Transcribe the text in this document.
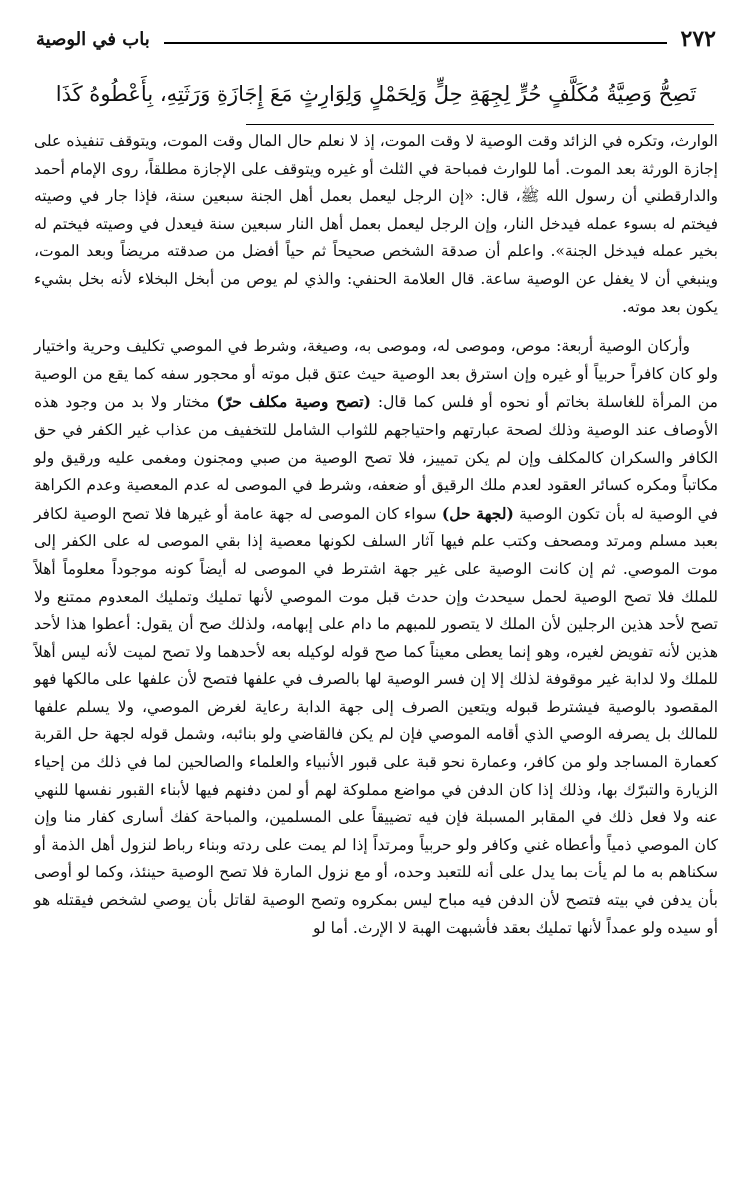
٢٧٢
باب في الوصية
تَصِحُّ وَصِيَّةُ مُكَلَّفٍ حُرٍّ لِجِهَةِ حِلٍّ وَلِحَمْلٍ وَلِوَارِثٍ مَعَ إِجَازَةِ وَرَثَتِهِ، بِأَعْطُوهُ كَذَا

الوارث، وتكره في الزائد وقت الوصية لا وقت الموت، إذ لا نعلم حال المال وقت الموت، ويتوقف تنفيذه على إجازة الورثة بعد الموت. أما للوارث فمباحة في الثلث أو غيره ويتوقف على الإجازة مطلقاً، روى الإمام أحمد والدارقطني أن رسول الله ﷺ، قال: «إن الرجل ليعمل بعمل أهل الجنة سبعين سنة، فإذا جار في وصيته فيختم له بسوء عمله فيدخل النار، وإن الرجل ليعمل بعمل أهل النار سبعين سنة فيعدل في وصيته فيختم له بخير عمله فيدخل الجنة». واعلم أن صدقة الشخص صحيحاً ثم حياً أفضل من صدقته مريضاً وبعد الموت، وينبغي أن لا يغفل عن الوصية ساعة. قال العلامة الحنفي: والذي لم يوص من أبخل البخلاء لأنه بخل بشيء يكون بعد موته.

وأركان الوصية أربعة: موص، وموصى له، وموصى به، وصيغة، وشرط في الموصي تكليف وحرية واختيار ولو كان كافراً حربياً أو غيره وإن استرق بعد الوصية حيث عتق قبل موته أو محجور سفه كما يقع من الوصية من المرأة للغاسلة بخاتم أو نحوه أو فلس كما قال: (تصح وصية مكلف حرّ) مختار ولا بد من وجود هذه الأوصاف عند الوصية وذلك لصحة عبارتهم واحتياجهم للثواب الشامل للتخفيف من عذاب غير الكفر في حق الكافر والسكران كالمكلف وإن لم يكن تمييز، فلا تصح الوصية من صبي ومجنون ومغمى عليه ورقيق ولو مكاتباً ومكره كسائر العقود لعدم ملك الرقيق أو ضعفه، وشرط في الموصى له عدم المعصية وعدم الكراهة في الوصية له بأن تكون الوصية (لجهة حل) سواء كان الموصى له جهة عامة أو غيرها فلا تصح الوصية لكافر بعبد مسلم ومرتد ومصحف وكتب علم فيها آثار السلف لكونها معصية إذا بقي الموصى له على الكفر إلى موت الموصي. ثم إن كانت الوصية على غير جهة اشترط في الموصى له أيضاً كونه موجوداً معلوماً أهلاً للملك فلا تصح الوصية لحمل سيحدث وإن حدث قبل موت الموصي لأنها تمليك وتمليك المعدوم ممتنع ولا تصح لأحد هذين الرجلين لأن الملك لا يتصور للمبهم ما دام على إبهامه، ولذلك صح أن يقول: أعطوا هذا لأحد هذين لأنه تفويض لغيره، وهو إنما يعطى معيناً كما صح قوله لوكيله بعه لأحدهما ولا تصح لميت لأنه ليس أهلاً للملك ولا لدابة غير موقوفة لذلك إلا إن فسر الوصية لها بالصرف في علفها فتصح لأن علفها على مالكها فهو المقصود بالوصية فيشترط قبوله ويتعين الصرف إلى جهة الدابة رعاية لغرض الموصي، ولا يسلم علفها للمالك بل يصرفه الوصي الذي أقامه الموصي فإن لم يكن فالقاضي ولو بنائبه، وشمل قوله لجهة حل القربة كعمارة المساجد ولو من كافر، وعمارة نحو قبة على قبور الأنبياء والعلماء والصالحين لما في ذلك من إحياء الزيارة والتبرّك بها، وذلك إذا كان الدفن في مواضع مملوكة لهم أو لمن دفنهم فيها لأبناء القبور نفسها للنهي عنه ولا فعل ذلك في المقابر المسبلة فإن فيه تضييقاً على المسلمين، والمباحة كفك أسارى كفار منا وإن كان الموصي ذمياً وأعطاه غني وكافر ولو حربياً ومرتداً إذا لم يمت على ردته وبناء رباط لنزول أهل الذمة أو سكناهم به ما لم يأت بما يدل على أنه للتعبد وحده، أو مع نزول المارة فلا تصح الوصية حينئذ، وكما لو أوصى بأن يدفن في بيته فتصح لأن الدفن فيه مباح ليس بمكروه وتصح الوصية لقاتل بأن يوصي لشخص فيقتله هو أو سيده ولو عمداً لأنها تمليك بعقد فأشبهت الهبة لا الإرث. أما لو
